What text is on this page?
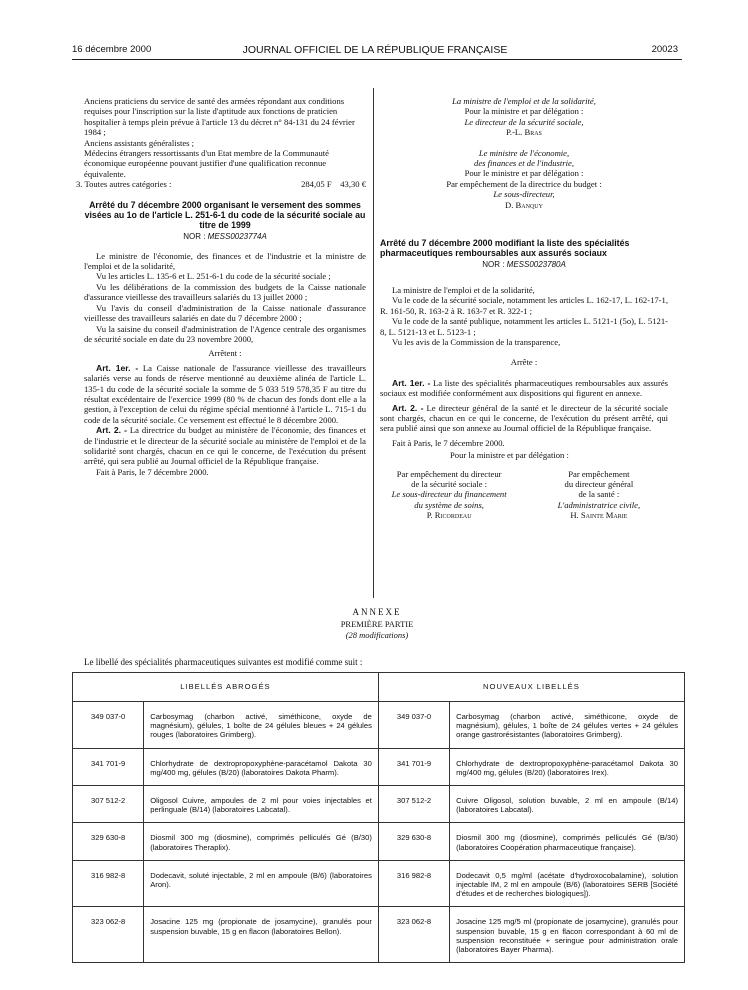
16 décembre 2000	JOURNAL OFFICIEL DE LA RÉPUBLIQUE FRANÇAISE	20023

Anciens praticiens du service de santé des armées répondant aux conditions requises pour l'inscription sur la liste d'aptitude aux fonctions de praticien hospitalier à temps plein prévue à l'article 13 du décret n° 84-131 du 24 février 1984 ;

Anciens assistants généralistes ;

Médecins étrangers ressortissants d'un Etat membre de la Communauté économique européenne pouvant justifier d'une qualification reconnue équivalente.

3. Toutes autres catégories :	284,05 F 43,30 €

Arrêté du 7 décembre 2000 organisant le versement des sommes visées au 1o de l'article L. 251-6-1 du code de la sécurité sociale au titre de 1999

NOR : MESS0023774A

Le ministre de l'économie, des finances et de l'industrie et la ministre de l'emploi et de la solidarité,

Vu les articles L. 135-6 et L. 251-6-1 du code de la sécurité sociale ;

Vu les délibérations de la commission des budgets de la Caisse nationale d'assurance vieillesse des travailleurs salariés du 13 juillet 2000 ;

Vu l'avis du conseil d'administration de la Caisse nationale d'assurance vieillesse des travailleurs salariés en date du 7 décembre 2000 ;

Vu la saisine du conseil d'administration de l'Agence centrale des organismes de sécurité sociale en date du 23 novembre 2000,

Arrêtent :

Art. 1er. - La Caisse nationale de l'assurance vieillesse des travailleurs salariés verse au fonds de réserve mentionné au deuxième alinéa de l'article L. 135-1 du code de la sécurité sociale la somme de 5 033 519 578,35 F au titre du résultat excédentaire de l'exercice 1999 (80 % de chacun des fonds dont elle a la gestion, à l'exception de celui du régime spécial mentionné à l'article L. 715-1 du code de la sécurité sociale. Ce versement est effectué le 8 décembre 2000.

Art. 2. - La directrice du budget au ministère de l'économie, des finances et de l'industrie et le directeur de la sécurité sociale au ministère de l'emploi et de la solidarité sont chargés, chacun en ce qui le concerne, de l'exécution du présent arrêté, qui sera publié au Journal officiel de la République française.

Fait à Paris, le 7 décembre 2000.

La ministre de l'emploi et de la solidarité,

Pour la ministre et par délégation :

Le directeur de la sécurité sociale,

P.-L. Bras

Le ministre de l'économie,

des finances et de l'industrie,

Pour le ministre et par délégation :

Par empêchement de la directrice du budget :

Le sous-directeur,

D. Banquy

Arrêté du 7 décembre 2000 modifiant la liste des spécialités pharmaceutiques remboursables aux assurés sociaux

NOR : MESS0023780A

La ministre de l'emploi et de la solidarité,

Vu le code de la sécurité sociale, notamment les articles L. 162-17, L. 162-17-1, R. 161-50, R. 163-2 à R. 163-7 et R. 322-1 ;

Vu le code de la santé publique, notamment les articles L. 5121-1 (5o), L. 5121-8, L. 5121-13 et L. 5123-1 ;

Vu les avis de la Commission de la transparence,

Arrête :

Art. 1er. - La liste des spécialités pharmaceutiques remboursables aux assurés sociaux est modifiée conformément aux dispositions qui figurent en annexe.

Art. 2. - Le directeur général de la santé et le directeur de la sécurité sociale sont chargés, chacun en ce qui le concerne, de l'exécution du présent arrêté, qui sera publié ainsi que son annexe au Journal officiel de la République française.

Fait à Paris, le 7 décembre 2000.

Pour la ministre et par délégation :

Par empêchement du directeur

de la sécurité sociale :

Le sous-directeur du financement

du système de soins,

P. Ricordeau

Par empêchement

du directeur général

de la santé :

L'administratrice civile,

H. Sainte Marie

ANNEXE
PREMIÈRE PARTIE
(28 modifications)
Le libellé des spécialités pharmaceutiques suivantes est modifié comme suit :
LIBELLÉS ABROGÉS		NOUVEAUX LIBELLÉS	
349 037-0	Carbosymag (charbon activé, siméthicone, oxyde de magnésium), gélules, 1 boîte de 24 gélules bleues + 24 gélules rouges (laboratoires Grimberg).	349 037-0	Carbosymag (charbon activé, siméthicone, oxyde de magnésium), gélules, 1 boîte de 24 gélules vertes + 24 gélules orange gastrorésistantes (laboratoires Grimberg).
341 701-9	Chlorhydrate de dextropropoxyphène-paracétamol Dakota 30 mg/400 mg, gélules (B/20) (laboratoires Dakota Pharm).	341 701-9	Chlorhydrate de dextropropoxyphène-paracétamol Dakota 30 mg/400 mg, gélules (B/20) (laboratoires Irex).
307 512-2	Oligosol Cuivre, ampoules de 2 ml pour voies injectables et perlinguale (B/14) (laboratoires Labcatal).	307 512-2	Cuivre Oligosol, solution buvable, 2 ml en ampoule (B/14) (laboratoires Labcatal).
329 630-8	Diosmil 300 mg (diosmine), comprimés pelliculés Gé (B/30) (laboratoires Theraplix).	329 630-8	Diosmil 300 mg (diosmine), comprimés pelliculés Gé (B/30) (laboratoires Coopération pharmaceutique française).
316 982-8	Dodecavit, soluté injectable, 2 ml en ampoule (B/6) (laboratoires Aron).	316 982-8	Dodecavit 0,5 mg/ml (acétate d'hydroxocobalamine), solution injectable IM, 2 ml en ampoule (B/6) (laboratoires SERB [Société d'études et de recherches biologiques]).
323 062-8	Josacine 125 mg (propionate de josamycine), granulés pour suspension buvable, 15 g en flacon (laboratoires Bellon).	323 062-8	Josacine 125 mg/5 ml (propionate de josamycine), granulés pour suspension buvable, 15 g en flacon correspondant à 60 ml de suspension reconstituée + seringue pour administration orale (laboratoires Bayer Pharma).
